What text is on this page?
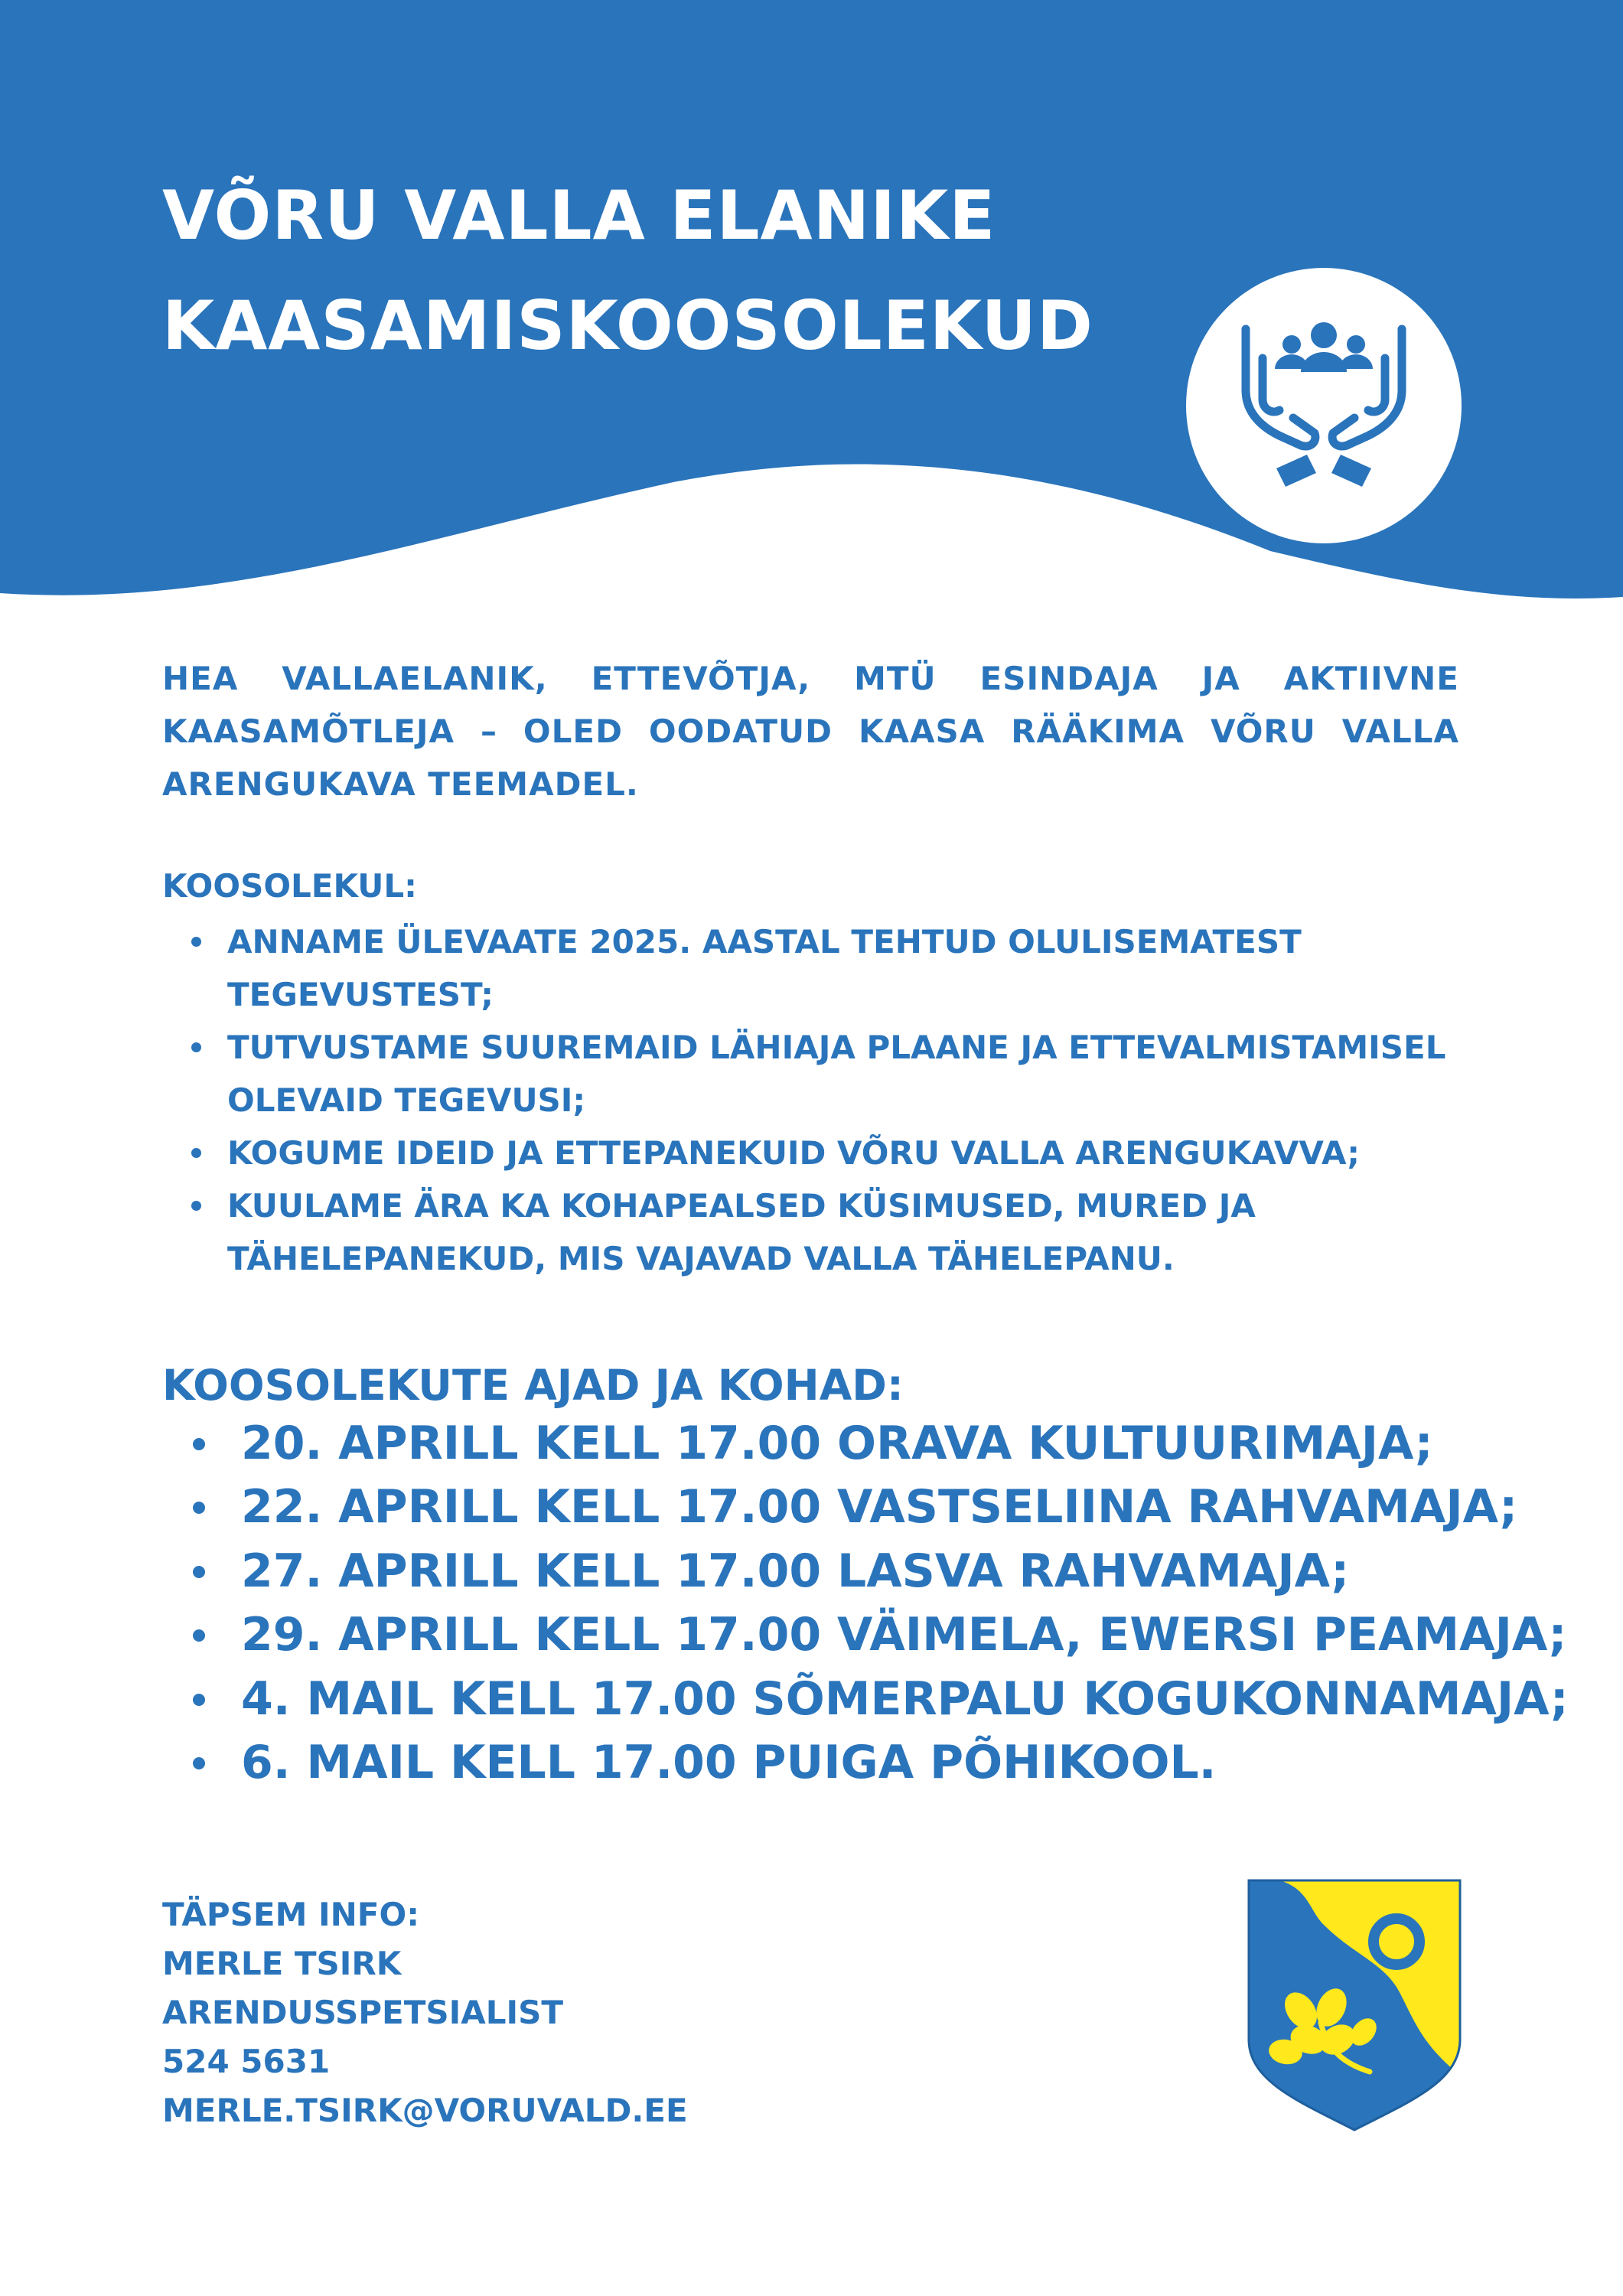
VÕRU VALLA ELANIKE
KAASAMISKOOSOLEKUD
HEA VALLAELANIK, ETTEVÕTJA, MTÜ ESINDAJA JA AKTIIVNE KAASAMÕTLEJA – OLED OODATUD KAASA RÄÄKIMA VÕRU VALLA ARENGUKAVA TEEMADEL.
KOOSOLEKUL:
ANNAME ÜLEVAATE 2025. AASTAL TEHTUD OLULISEMATEST TEGEVUSTEST;
TUTVUSTAME SUUREMAID LÄHIAJA PLAANE JA ETTEVALMISTAMISEL OLEVAID TEGEVUSI;
KOGUME IDEID JA ETTEPANEKUID VÕRU VALLA ARENGUKAVVA;
KUULAME ÄRA KA KOHAPEALSED KÜSIMUSED, MURED JA TÄHELEPANEKUD, MIS VAJAVAD VALLA TÄHELEPANU.
KOOSOLEKUTE AJAD JA KOHAD:
20. APRILL KELL 17.00 ORAVA KULTUURIMAJA;
22. APRILL KELL 17.00 VASTSELIINA RAHVAMAJA;
27. APRILL KELL 17.00 LASVA RAHVAMAJA;
29. APRILL KELL 17.00 VÄIMELA, EWERSI PEAMAJA;
4. MAIL KELL 17.00 SÕMERPALU KOGUKONNAMAJA;
6. MAIL KELL 17.00 PUIGA PÕHIKOOL.
TÄPSEM INFO:
MERLE TSIRK
ARENDUSSPETSIALIST
524 5631
MERLE.TSIRK@VORUVALD.EE
